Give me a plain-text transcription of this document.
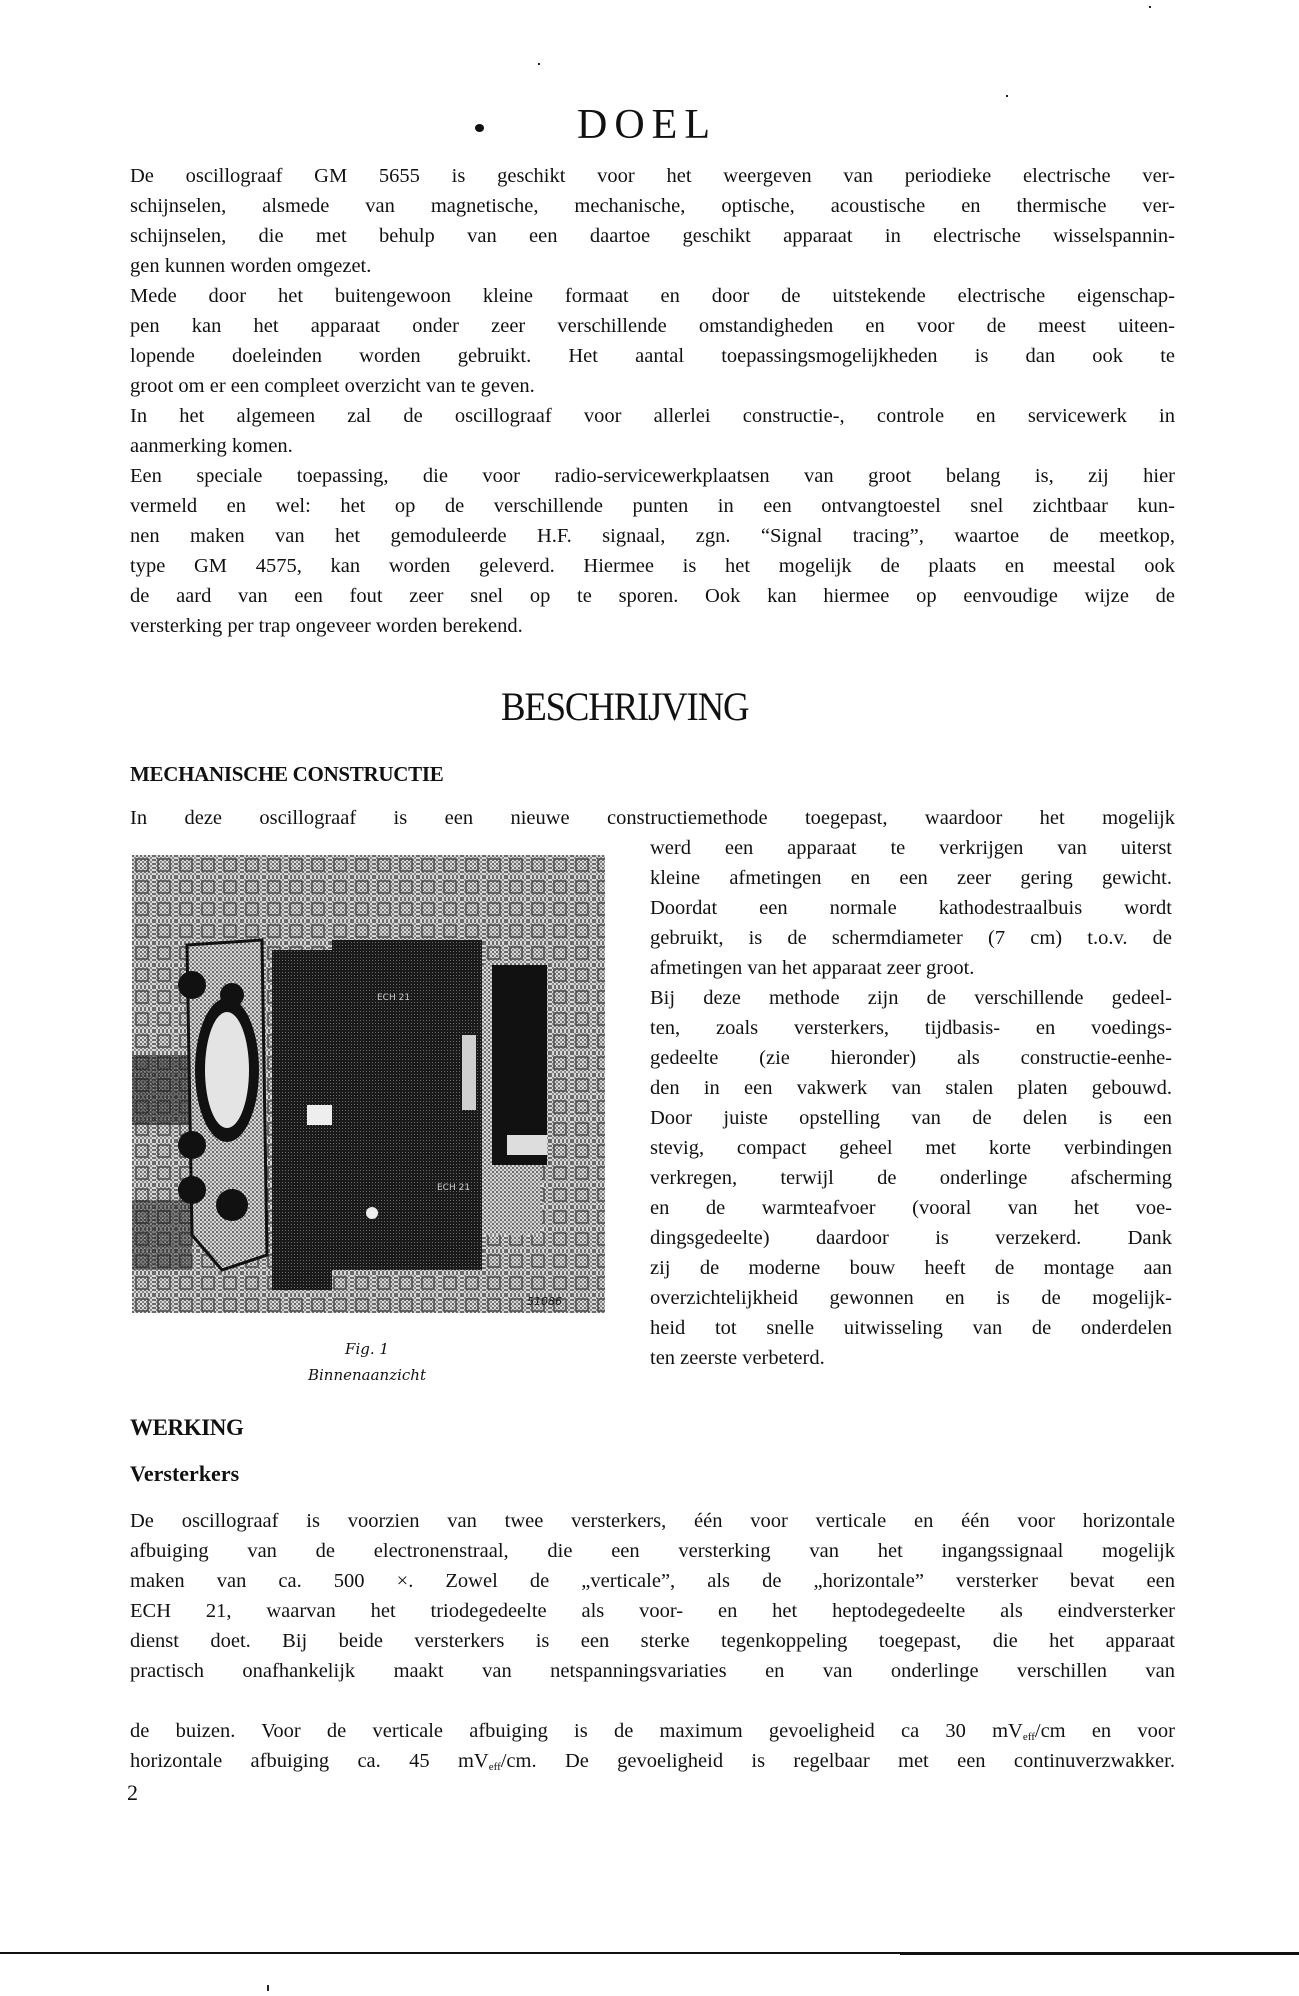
DOEL
De oscillograaf GM 5655 is geschikt voor het weergeven van periodieke electrische ver-
schijnselen, alsmede van magnetische, mechanische, optische, acoustische en thermische ver-
schijnselen, die met behulp van een daartoe geschikt apparaat in electrische wisselspannin-
gen kunnen worden omgezet.
Mede door het buitengewoon kleine formaat en door de uitstekende electrische eigenschap-
pen kan het apparaat onder zeer verschillende omstandigheden en voor de meest uiteen-
lopende doeleinden worden gebruikt. Het aantal toepassingsmogelijkheden is dan ook te
groot om er een compleet overzicht van te geven.
In het algemeen zal de oscillograaf voor allerlei constructie-, controle en servicewerk in
aanmerking komen.
Een speciale toepassing, die voor radio-servicewerkplaatsen van groot belang is, zij hier
vermeld en wel: het op de verschillende punten in een ontvangtoestel snel zichtbaar kun-
nen maken van het gemoduleerde H.F. signaal, zgn. “Signal tracing”, waartoe de meetkop,
type GM 4575, kan worden geleverd. Hiermee is het mogelijk de plaats en meestal ook
de aard van een fout zeer snel op te sporen. Ook kan hiermee op eenvoudige wijze de
versterking per trap ongeveer worden berekend.
BESCHRIJVING
MECHANISCHE CONSTRUCTIE
In deze oscillograaf is een nieuwe constructiemethode toegepast, waardoor het mogelijk
ECH 21
ECH 21
51086
Fig. 1
Binnenaanzicht
werd een apparaat te verkrijgen van uiterst
kleine afmetingen en een zeer gering gewicht.
Doordat een normale kathodestraalbuis wordt
gebruikt, is de schermdiameter (7 cm) t.o.v. de
afmetingen van het apparaat zeer groot.
Bij deze methode zijn de verschillende gedeel-
ten, zoals versterkers, tijdbasis- en voedings-
gedeelte (zie hieronder) als constructie-eenhe-
den in een vakwerk van stalen platen gebouwd.
Door juiste opstelling van de delen is een
stevig, compact geheel met korte verbindingen
verkregen, terwijl de onderlinge afscherming
en de warmteafvoer (vooral van het voe-
dingsgedeelte) daardoor is verzekerd. Dank
zij de moderne bouw heeft de montage aan
overzichtelijkheid gewonnen en is de mogelijk-
heid tot snelle uitwisseling van de onderdelen
ten zeerste verbeterd.
WERKING
Versterkers
De oscillograaf is voorzien van twee versterkers, één voor verticale en één voor horizontale
afbuiging van de electronenstraal, die een versterking van het ingangssignaal mogelijk
maken van ca. 500 ×. Zowel de „verticale”, als de „horizontale” versterker bevat een
ECH 21, waarvan het triodegedeelte als voor- en het heptodegedeelte als eindversterker
dienst doet. Bij beide versterkers is een sterke tegenkoppeling toegepast, die het apparaat
practisch onafhankelijk maakt van netspanningsvariaties en van onderlinge verschillen van
de buizen. Voor de verticale afbuiging is de maximum gevoeligheid ca 30 $mV_{eff}/cm$ en voor
horizontale afbuiging ca. 45 $mV_{eff}/cm$. De gevoeligheid is regelbaar met een continuverzwakker.
2
